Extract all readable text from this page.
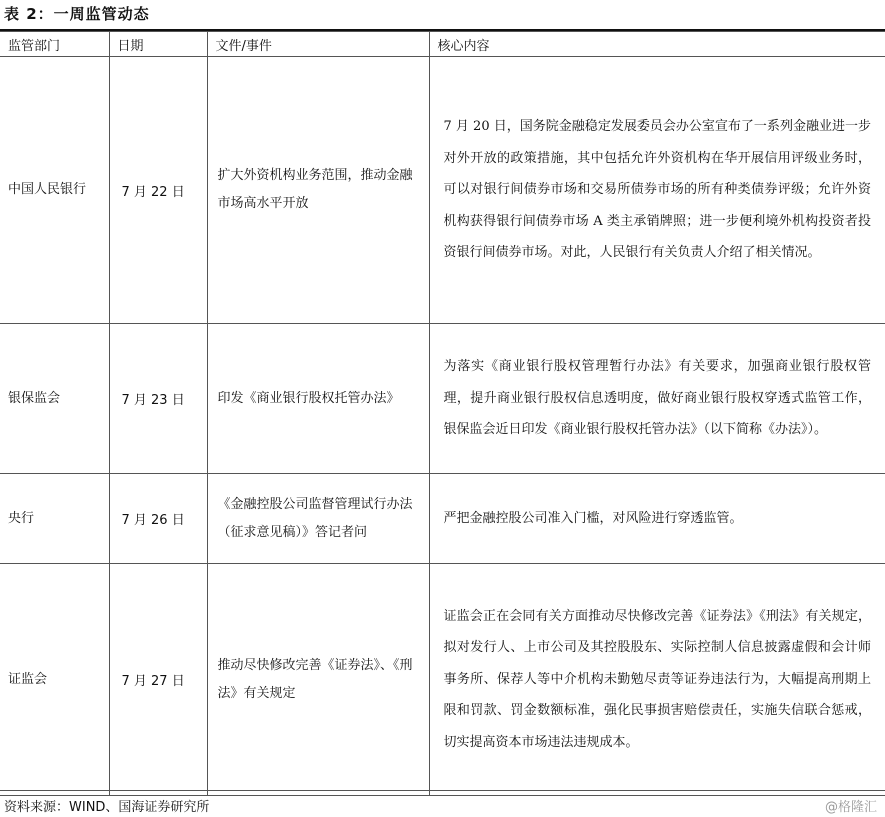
表 2：一周监管动态
监管部门	日期	文件/事件	核心内容
中国人民银行	7 月 22 日	扩大外资机构业务范围，推动金融市场高水平开放	7 月 20 日，国务院金融稳定发展委员会办公室宣布了一系列金融业进一步对外开放的政策措施，其中包括允许外资机构在华开展信用评级业务时，可以对银行间债券市场和交易所债券市场的所有种类债券评级；允许外资机构获得银行间债券市场 A 类主承销牌照；进一步便利境外机构投资者投资银行间债券市场。对此，人民银行有关负责人介绍了相关情况。
银保监会	7 月 23 日	印发《商业银行股权托管办法》	为落实《商业银行股权管理暂行办法》有关要求，加强商业银行股权管理，提升商业银行股权信息透明度，做好商业银行股权穿透式监管工作，银保监会近日印发《商业银行股权托管办法》（以下简称《办法》）。
央行	7 月 26 日	《金融控股公司监督管理试行办法（征求意见稿）》答记者问	严把金融控股公司准入门槛，对风险进行穿透监管。
证监会	7 月 27 日	推动尽快修改完善《证券法》、《刑法》有关规定	证监会正在会同有关方面推动尽快修改完善《证券法》《刑法》有关规定，拟对发行人、上市公司及其控股股东、实际控制人信息披露虚假和会计师事务所、保荐人等中介机构未勤勉尽责等证券违法行为，大幅提高刑期上限和罚款、罚金数额标准，强化民事损害赔偿责任，实施失信联合惩戒，切实提高资本市场违法违规成本。
资料来源：WIND、国海证券研究所	@格隆汇
